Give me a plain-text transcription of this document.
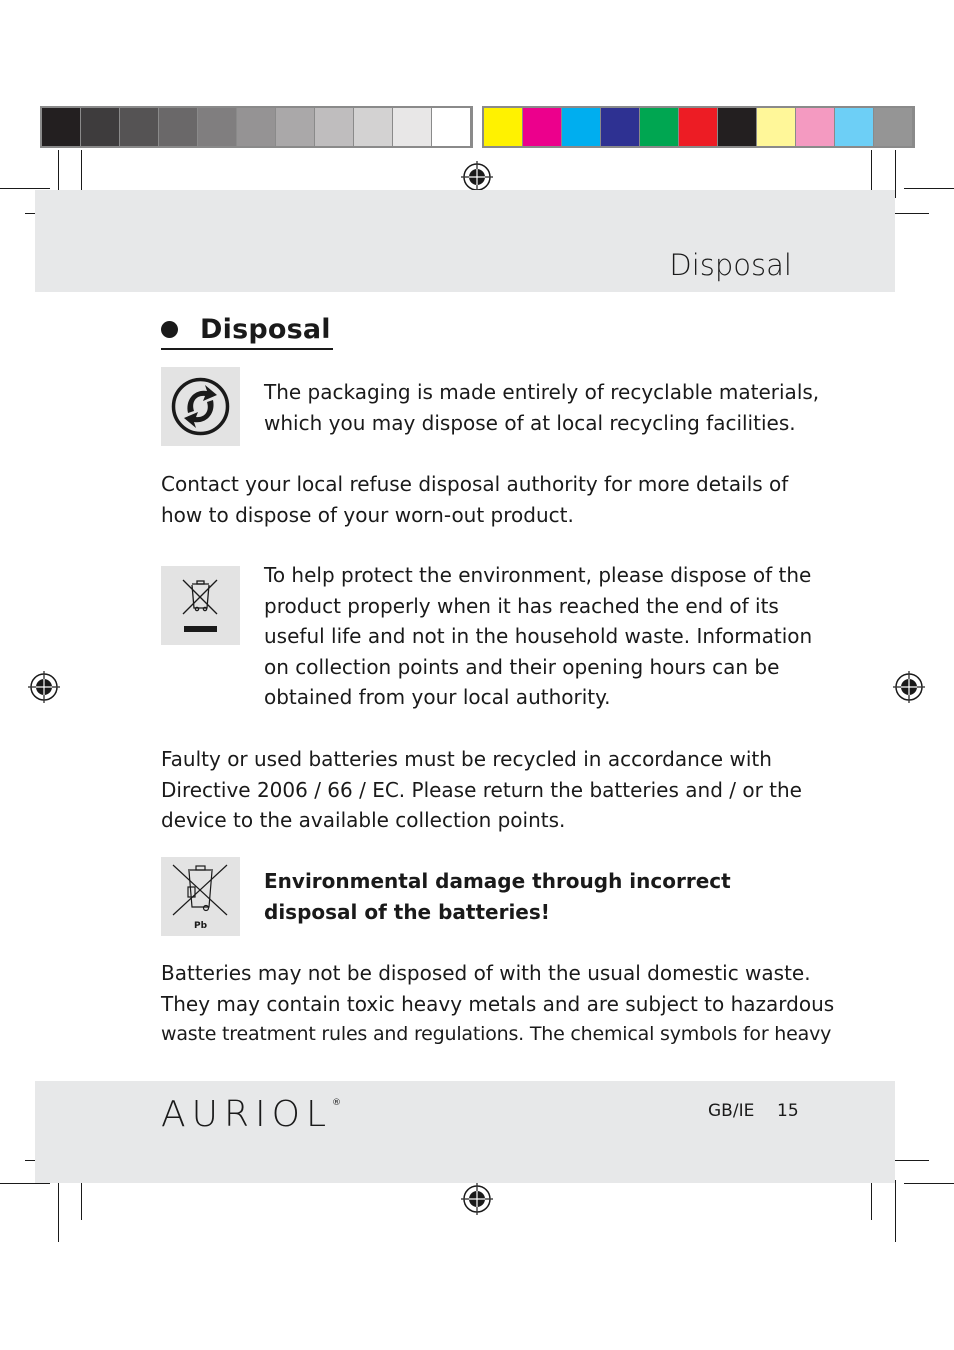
Disposal
Disposal
The packaging is made entirely of recyclable materials,
which you may dispose of at local recycling facilities.
Contact your local refuse disposal authority for more details of
how to dispose of your worn-out product.
To help protect the environment, please dispose of the
product properly when it has reached the end of its
useful life and not in the household waste. Information
on collection points and their opening hours can be
obtained from your local authority.
Faulty or used batteries must be recycled in accordance with
Directive 2006 / 66 / EC. Please return the batteries and / or the
device to the available collection points.
Pb
Environmental damage through incorrect
disposal of the batteries!
Batteries may not be disposed of with the usual domestic waste.
They may contain toxic heavy metals and are subject to hazardous
waste treatment rules and regulations. The chemical symbols for heavy
AURIOL ®	GB/IE 15
